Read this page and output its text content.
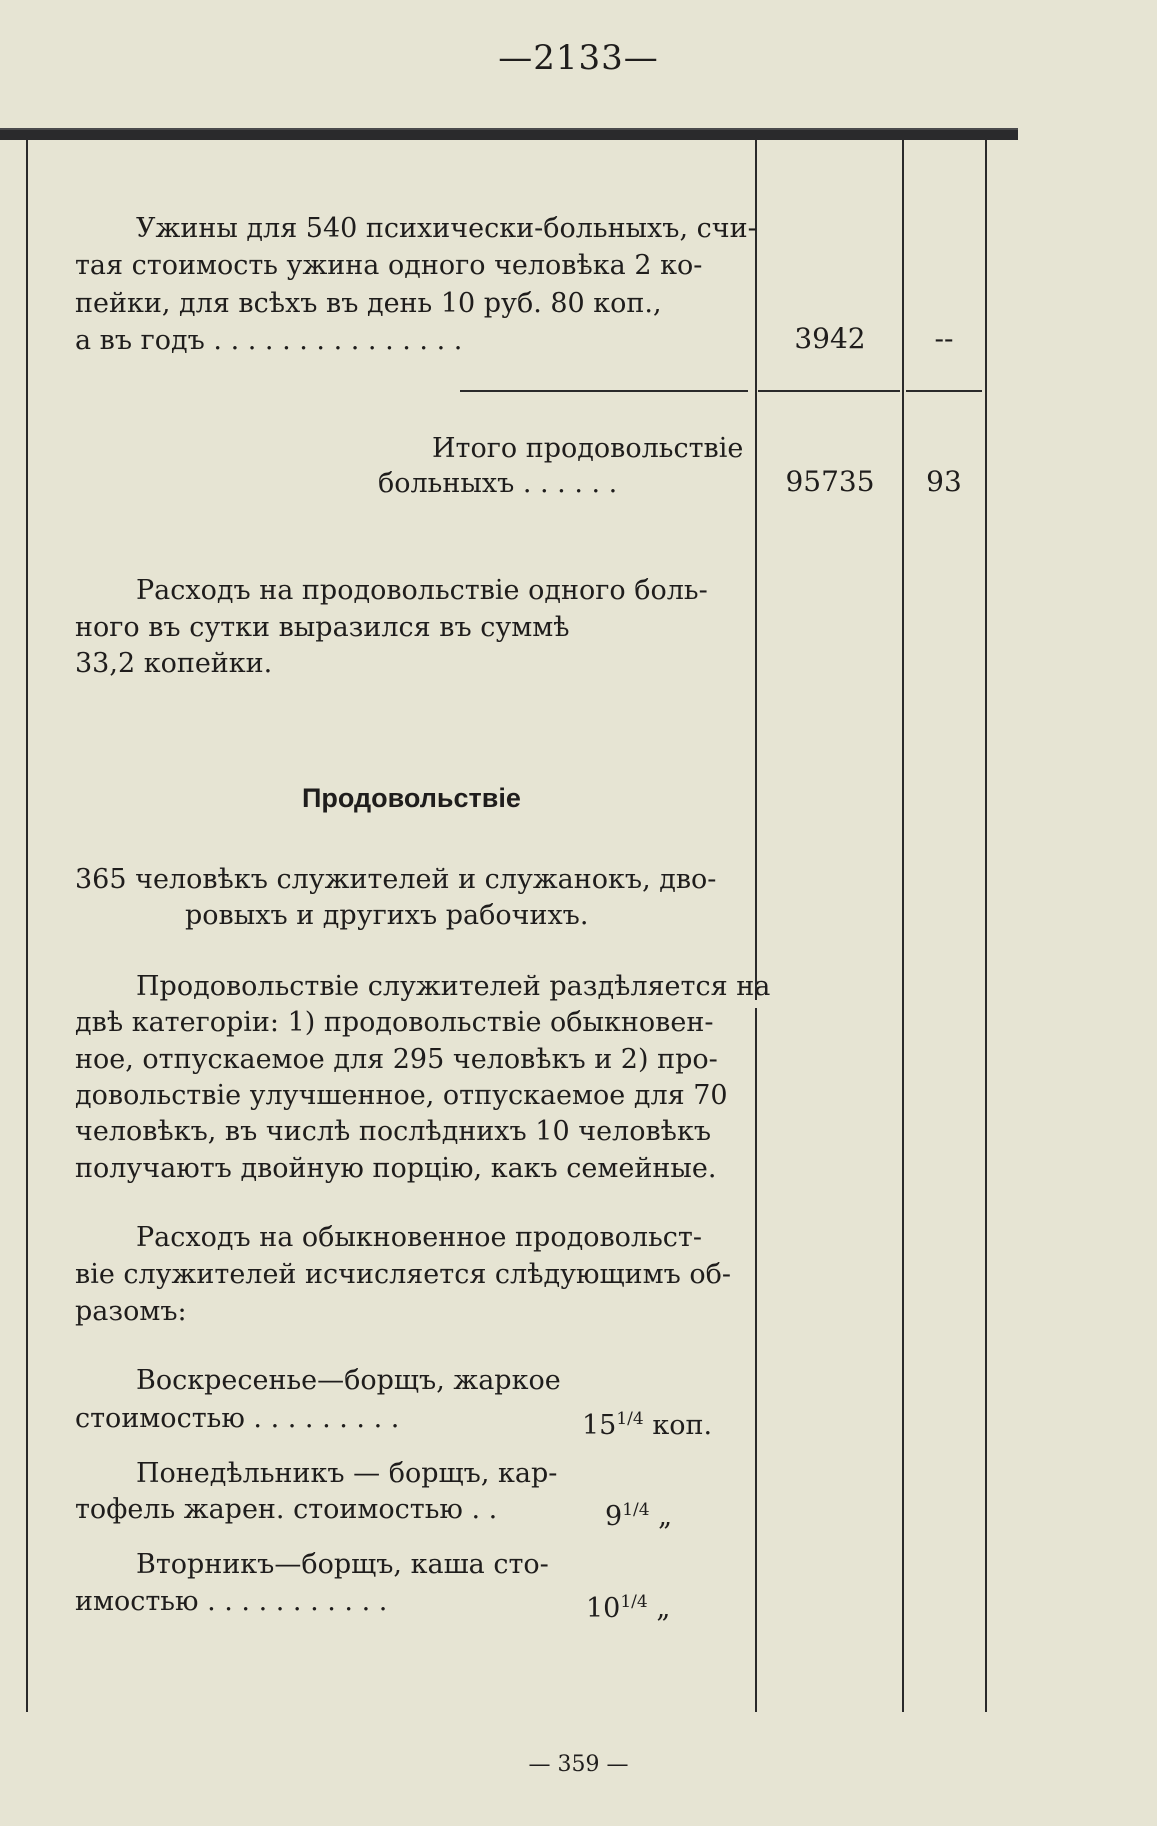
—2133—
Ужины для 540 психически-больныхъ, счи-
тая стоимость ужина одного человѣка 2 ко-
пейки, для всѣхъ въ день 10 руб. 80 коп.,
а въ годъ . . . . . . . . . . . . . . .	3942	--
Итого продовольствіе
больныхъ . . . . . .	95735	93
Расходъ на продовольствіе одного боль-
ного въ сутки выразился въ суммѣ
33,2 копейки.
Продовольствіе
365 человѣкъ служителей и служанокъ, дво-
ровыхъ и другихъ рабочихъ.
Продовольствіе служителей раздѣляется на
двѣ категоріи: 1) продовольствіе обыкновен-
ное, отпускаемое для 295 человѣкъ и 2) про-
довольствіе улучшенное, отпускаемое для 70
человѣкъ, въ числѣ послѣднихъ 10 человѣкъ
получаютъ двойную порцію, какъ семейные.
Расходъ на обыкновенное продовольст-
віе служителей исчисляется слѣдующимъ об-
разомъ:
Воскресенье—борщъ, жаркое
стоимостью . . . . . . . . .	$15^{1/4}$ коп.
Понедѣльникъ — борщъ, кар-
тофель жарен. стоимостью . .	$9^{1/4}$ „
Вторникъ—борщъ, каша сто-
имостью . . . . . . . . . . .	$10^{1/4}$ „
— 359 —
